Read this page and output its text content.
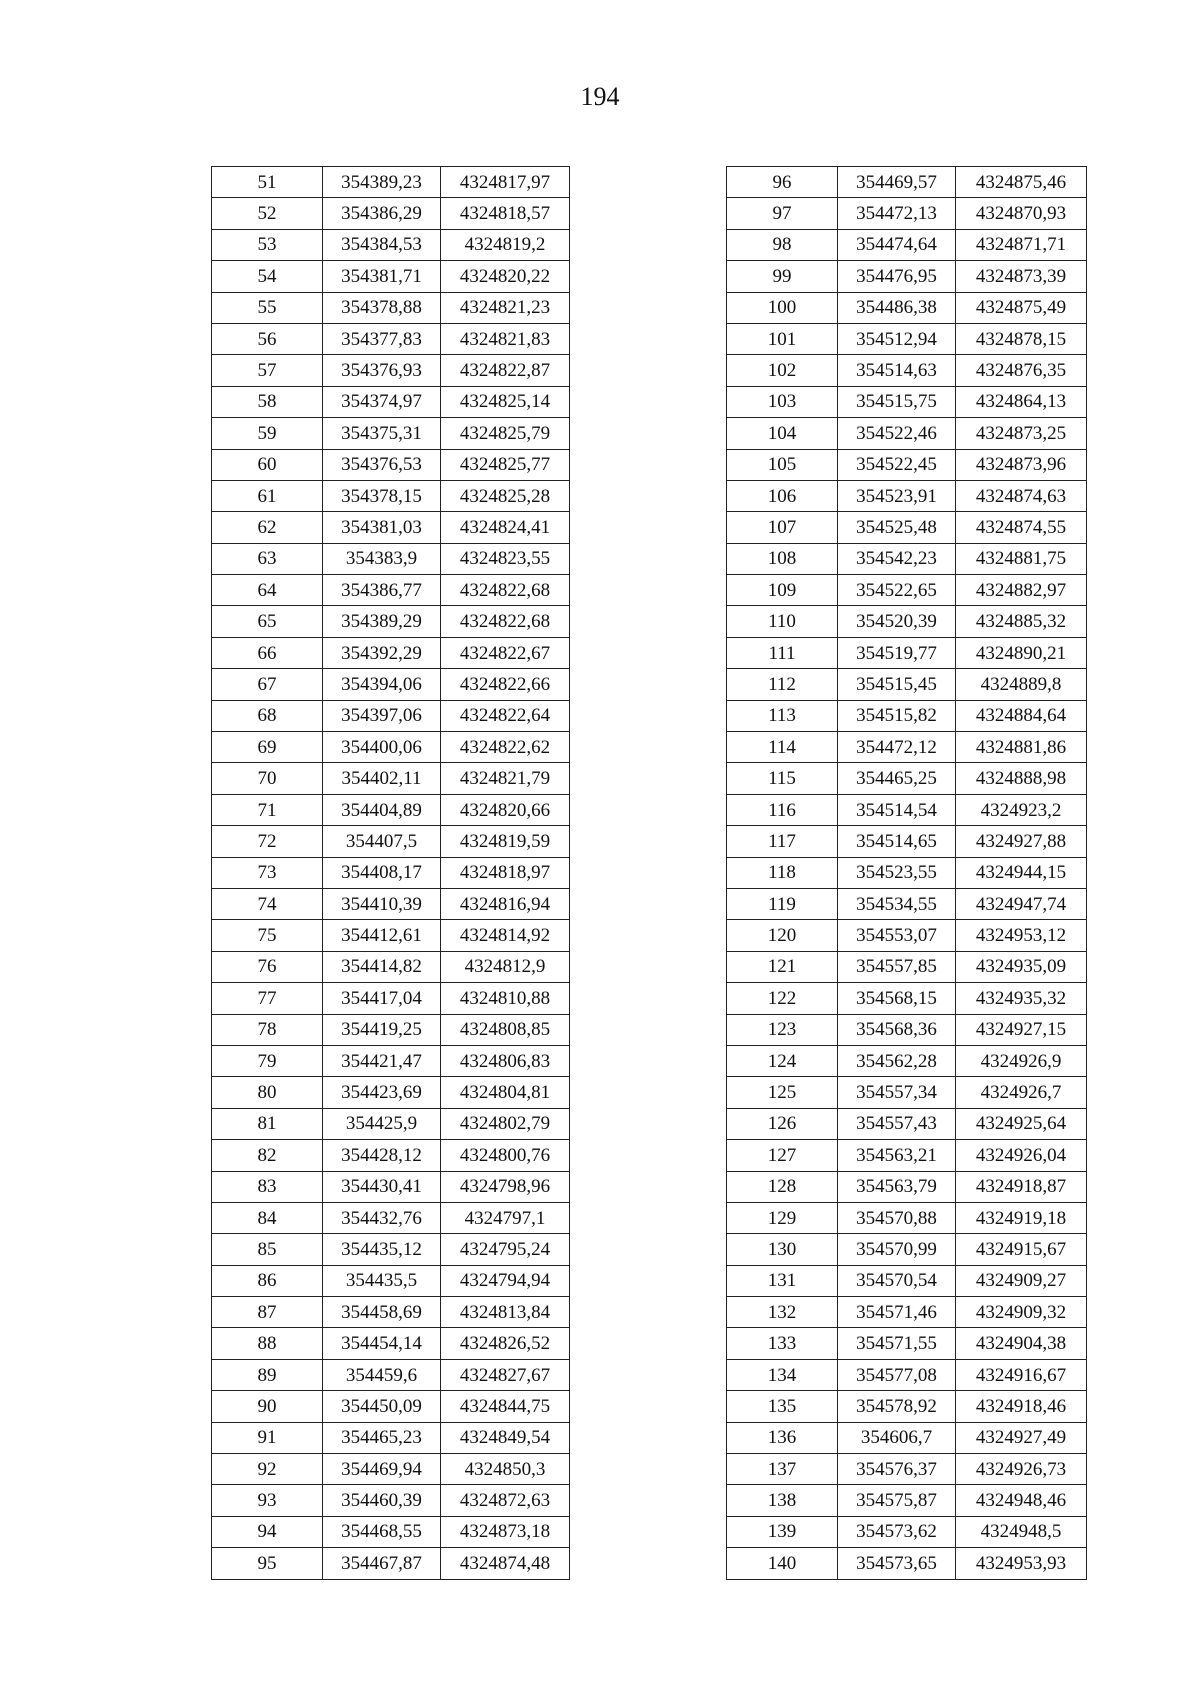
194
51	354389,23	4324817,97
52	354386,29	4324818,57
53	354384,53	4324819,2
54	354381,71	4324820,22
55	354378,88	4324821,23
56	354377,83	4324821,83
57	354376,93	4324822,87
58	354374,97	4324825,14
59	354375,31	4324825,79
60	354376,53	4324825,77
61	354378,15	4324825,28
62	354381,03	4324824,41
63	354383,9	4324823,55
64	354386,77	4324822,68
65	354389,29	4324822,68
66	354392,29	4324822,67
67	354394,06	4324822,66
68	354397,06	4324822,64
69	354400,06	4324822,62
70	354402,11	4324821,79
71	354404,89	4324820,66
72	354407,5	4324819,59
73	354408,17	4324818,97
74	354410,39	4324816,94
75	354412,61	4324814,92
76	354414,82	4324812,9
77	354417,04	4324810,88
78	354419,25	4324808,85
79	354421,47	4324806,83
80	354423,69	4324804,81
81	354425,9	4324802,79
82	354428,12	4324800,76
83	354430,41	4324798,96
84	354432,76	4324797,1
85	354435,12	4324795,24
86	354435,5	4324794,94
87	354458,69	4324813,84
88	354454,14	4324826,52
89	354459,6	4324827,67
90	354450,09	4324844,75
91	354465,23	4324849,54
92	354469,94	4324850,3
93	354460,39	4324872,63
94	354468,55	4324873,18
95	354467,87	4324874,48
96	354469,57	4324875,46
97	354472,13	4324870,93
98	354474,64	4324871,71
99	354476,95	4324873,39
100	354486,38	4324875,49
101	354512,94	4324878,15
102	354514,63	4324876,35
103	354515,75	4324864,13
104	354522,46	4324873,25
105	354522,45	4324873,96
106	354523,91	4324874,63
107	354525,48	4324874,55
108	354542,23	4324881,75
109	354522,65	4324882,97
110	354520,39	4324885,32
111	354519,77	4324890,21
112	354515,45	4324889,8
113	354515,82	4324884,64
114	354472,12	4324881,86
115	354465,25	4324888,98
116	354514,54	4324923,2
117	354514,65	4324927,88
118	354523,55	4324944,15
119	354534,55	4324947,74
120	354553,07	4324953,12
121	354557,85	4324935,09
122	354568,15	4324935,32
123	354568,36	4324927,15
124	354562,28	4324926,9
125	354557,34	4324926,7
126	354557,43	4324925,64
127	354563,21	4324926,04
128	354563,79	4324918,87
129	354570,88	4324919,18
130	354570,99	4324915,67
131	354570,54	4324909,27
132	354571,46	4324909,32
133	354571,55	4324904,38
134	354577,08	4324916,67
135	354578,92	4324918,46
136	354606,7	4324927,49
137	354576,37	4324926,73
138	354575,87	4324948,46
139	354573,62	4324948,5
140	354573,65	4324953,93
